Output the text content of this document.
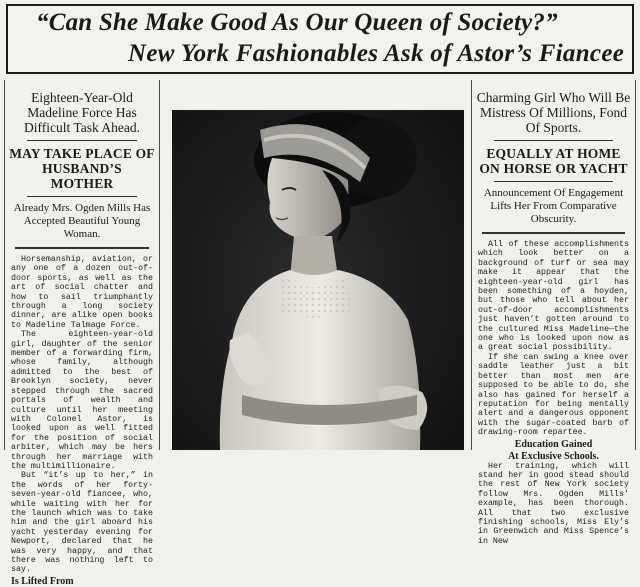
“Can She Make Good As Our Queen of Society?”
New York Fashionables Ask of Astor’s Fiancee
Eighteen-Year-Old Madeline Force Has Difficult Task Ahead.
MAY TAKE PLACE OF HUSBAND’S MOTHER
Already Mrs. Ogden Mills Has Accepted Beautiful Young Woman.

Horsemanship, aviation, or any one of a dozen out-of-door sports, as well as the art of social chatter and how to sail triumphantly through a long society dinner, are alike open books to Madeline Talmage Force.

The eighteen-year-old girl, daughter of the senior member of a forwarding firm, whose family, although admitted to the best of Brooklyn society, never stepped through the sacred portals of wealth and culture until her meeting with Colonel Astor, is looked upon as well fitted for the position of social arbiter, which may be hers through her marriage with the multimillionaire.

But “it’s up to her,” in the words of her forty-seven-year-old fiancee, who, while waiting with her for the launch which was to take him and the girl aboard his yacht yesterday evening for Newport, declared that he was very happy, and that there was nothing left to say.

Is Lifted From
Charming Girl Who Will Be Mistress Of Millions, Fond Of Sports.
EQUALLY AT HOME ON HORSE OR YACHT
Announcement Of Engagement Lifts Her From Comparative Obscurity.

All of these accomplishments which look better on a background of turf or sea may make it appear that the eighteen-year-old girl has been something of a hoyden, but those who tell about her out-of-door accomplishments just haven’t gotten around to the cultured Miss Madeline—the one who is looked upon now as a great social possibility.

If she can swing a knee over saddle leather just a bit better than most men are supposed to be able to do, she also has gained for herself a reputation for being mentally alert and a dangerous opponent with the sugar-coated barb of drawing-room repartee.

Education Gained
At Exclusive Schools.

Her training, which will stand her in good stead should the rest of New York society follow Mrs. Ogden Mills’ example, has been thorough. All that two exclusive finishing schools, Miss Ely’s in Greenwich and Miss Spence’s in New
